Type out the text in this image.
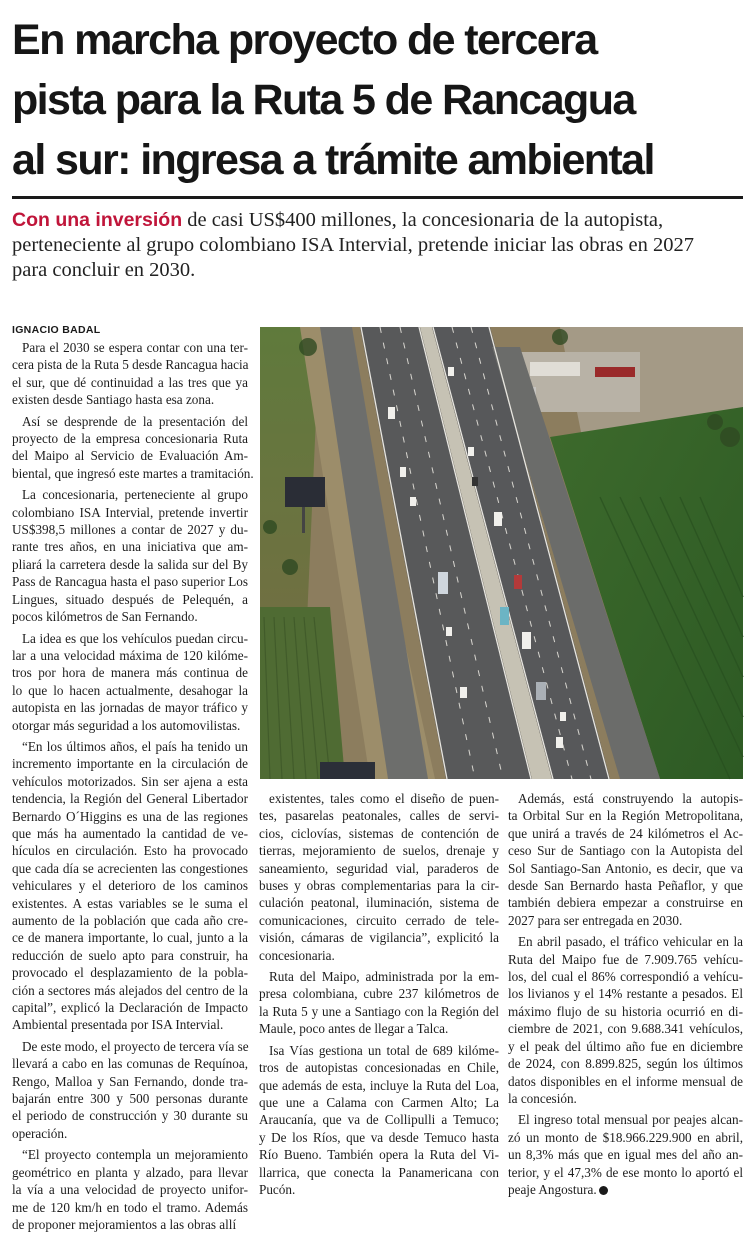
En marcha proyecto de tercera
pista para la Ruta 5 de Rancagua
al sur: ingresa a trámite ambiental
Con una inversión de casi US$400 millones, la concesionaria de la autopista,
perteneciente al grupo colombiano ISA Intervial, pretende iniciar las obras en 2027
para concluir en 2030.
IGNACIO BADAL

Para el 2030 se espera contar con una ter-
cera pista de la Ruta 5 desde Rancagua hacia
el sur, que dé continuidad a las tres que ya
existen desde Santiago hasta esa zona.

Así se desprende de la presentación del
proyecto de la empresa concesionaria Ruta
del Maipo al Servicio de Evaluación Am-
biental, que ingresó este martes a tramitación.

La concesionaria, perteneciente al grupo
colombiano ISA Intervial, pretende invertir
US$398,5 millones a contar de 2027 y du-
rante tres años, en una iniciativa que am-
pliará la carretera desde la salida sur del By
Pass de Rancagua hasta el paso superior Los
Lingues, situado después de Pelequén, a
pocos kilómetros de San Fernando.

La idea es que los vehículos puedan circu-
lar a una velocidad máxima de 120 kilóme-
tros por hora de manera más continua de
lo que lo hacen actualmente, desahogar la
autopista en las jornadas de mayor tráfico y
otorgar más seguridad a los automovilistas.

“En los últimos años, el país ha tenido un
incremento importante en la circulación de
vehículos motorizados. Sin ser ajena a esta
tendencia, la Región del General Libertador
Bernardo O´Higgins es una de las regiones
que más ha aumentado la cantidad de ve-
hículos en circulación. Esto ha provocado
que cada día se acrecienten las congestiones
vehiculares y el deterioro de los caminos
existentes. A estas variables se le suma el
aumento de la población que cada año cre-
ce de manera importante, lo cual, junto a la
reducción de suelo apto para construir, ha
provocado el desplazamiento de la pobla-
ción a sectores más alejados del centro de la
capital”, explicó la Declaración de Impacto
Ambiental presentada por ISA Intervial.

De este modo, el proyecto de tercera vía se
llevará a cabo en las comunas de Requínoa,
Rengo, Malloa y San Fernando, donde tra-
bajarán entre 300 y 500 personas durante
el periodo de construcción y 30 durante su
operación.

“El proyecto contempla un mejoramiento
geométrico en planta y alzado, para llevar
la vía a una velocidad de proyecto unifor-
me de 120 km/h en todo el tramo. Además
de proponer mejoramientos a las obras allí

existentes, tales como el diseño de puen-
tes, pasarelas peatonales, calles de servi-
cios, ciclovías, sistemas de contención de
tierras, mejoramiento de suelos, drenaje y
saneamiento, seguridad vial, paraderos de
buses y obras complementarias para la cir-
culación peatonal, iluminación, sistema de
comunicaciones, circuito cerrado de tele-
visión, cámaras de vigilancia”, explicitó la
concesionaria.

Ruta del Maipo, administrada por la em-
presa colombiana, cubre 237 kilómetros de
la Ruta 5 y une a Santiago con la Región del
Maule, poco antes de llegar a Talca.

Isa Vías gestiona un total de 689 kilóme-
tros de autopistas concesionadas en Chile,
que además de esta, incluye la Ruta del Loa,
que une a Calama con Carmen Alto; La
Araucanía, que va de Collipulli a Temuco;
y De los Ríos, que va desde Temuco hasta
Río Bueno. También opera la Ruta del Vi-
llarrica, que conecta la Panamericana con
Pucón.

Además, está construyendo la autopis-
ta Orbital Sur en la Región Metropolitana,
que unirá a través de 24 kilómetros el Ac-
ceso Sur de Santiago con la Autopista del
Sol Santiago-San Antonio, es decir, que va
desde San Bernardo hasta Peñaflor, y que
también debiera empezar a construirse en
2027 para ser entregada en 2030.

En abril pasado, el tráfico vehicular en la
Ruta del Maipo fue de 7.909.765 vehícu-
los, del cual el 86% correspondió a vehícu-
los livianos y el 14% restante a pesados. El
máximo flujo de su historia ocurrió en di-
ciembre de 2021, con 9.688.341 vehículos,
y el peak del último año fue en diciembre
de 2024, con 8.899.825, según los últimos
datos disponibles en el informe mensual de
la concesión.

El ingreso total mensual por peajes alcan-
zó un monto de $18.966.229.900 en abril,
un 8,3% más que en igual mes del año an-
terior, y el 47,3% de ese monto lo aportó el
peaje Angostura.
